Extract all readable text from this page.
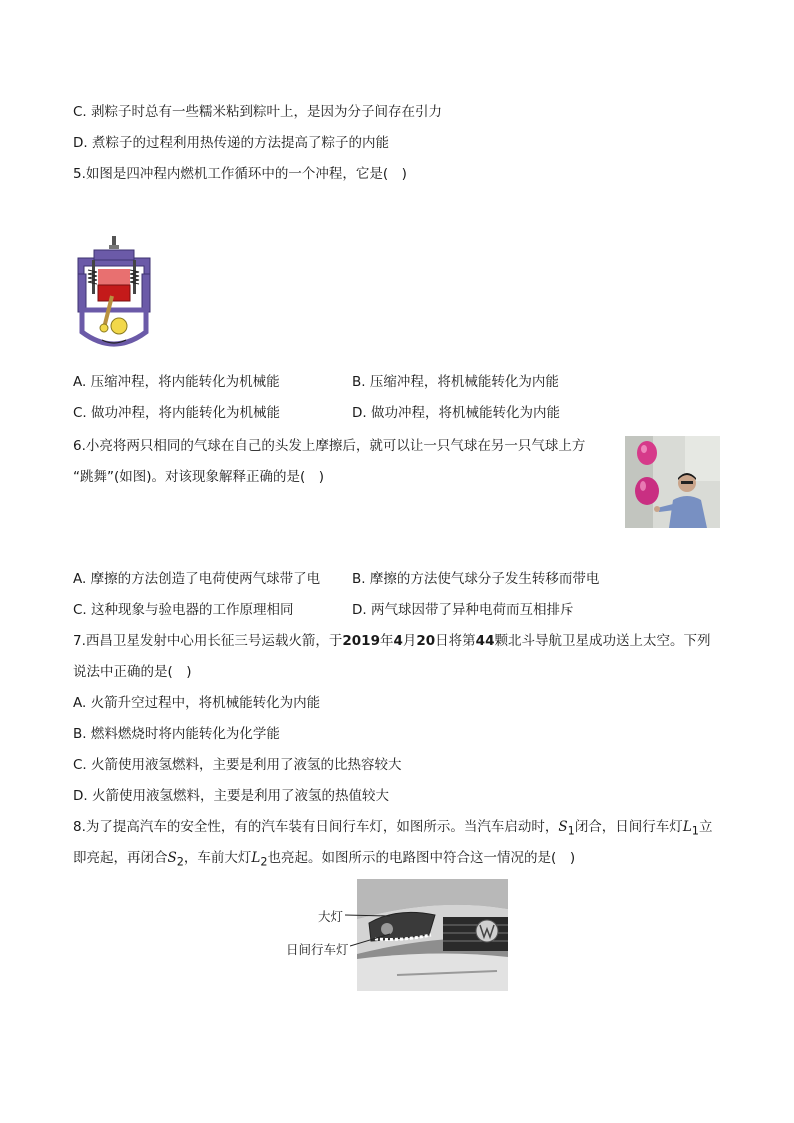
C. 剥粽子时总有一些糯米粘到粽叶上，是因为分子间存在引力
D. 煮粽子的过程利用热传递的方法提高了粽子的内能
5.如图是四冲程内燃机工作循环中的一个冲程，它是(　)
A. 压缩冲程，将内能转化为机械能	B. 压缩冲程，将机械能转化为内能
C. 做功冲程，将内能转化为机械能	D. 做功冲程，将机械能转化为内能
6.小亮将两只相同的气球在自己的头发上摩擦后，就可以让一只气球在另一只气球上方
“跳舞”(如图)。对该现象解释正确的是(　)
A. 摩擦的方法创造了电荷使两气球带了电 B. 摩擦的方法使气球分子发生转移而带电
C. 这种现象与验电器的工作原理相同	D. 两气球因带了异种电荷而互相排斥
7.西昌卫星发射中心用长征三号运载火箭，于2019年4月20日将第44颗北斗导航卫星成功送上太空。下列
说法中正确的是(　)
A. 火箭升空过程中，将机械能转化为内能
B. 燃料燃烧时将内能转化为化学能
C. 火箭使用液氢燃料，主要是利用了液氢的比热容较大
D. 火箭使用液氢燃料，主要是利用了液氢的热值较大
8.为了提高汽车的安全性，有的汽车装有日间行车灯，如图所示。当汽车启动时，$S_1$闭合，日间行车灯$L_1$立
即亮起，再闭合$S_2$，车前大灯$L_2$也亮起。如图所示的电路图中符合这一情况的是(　)
大灯
日间行车灯
